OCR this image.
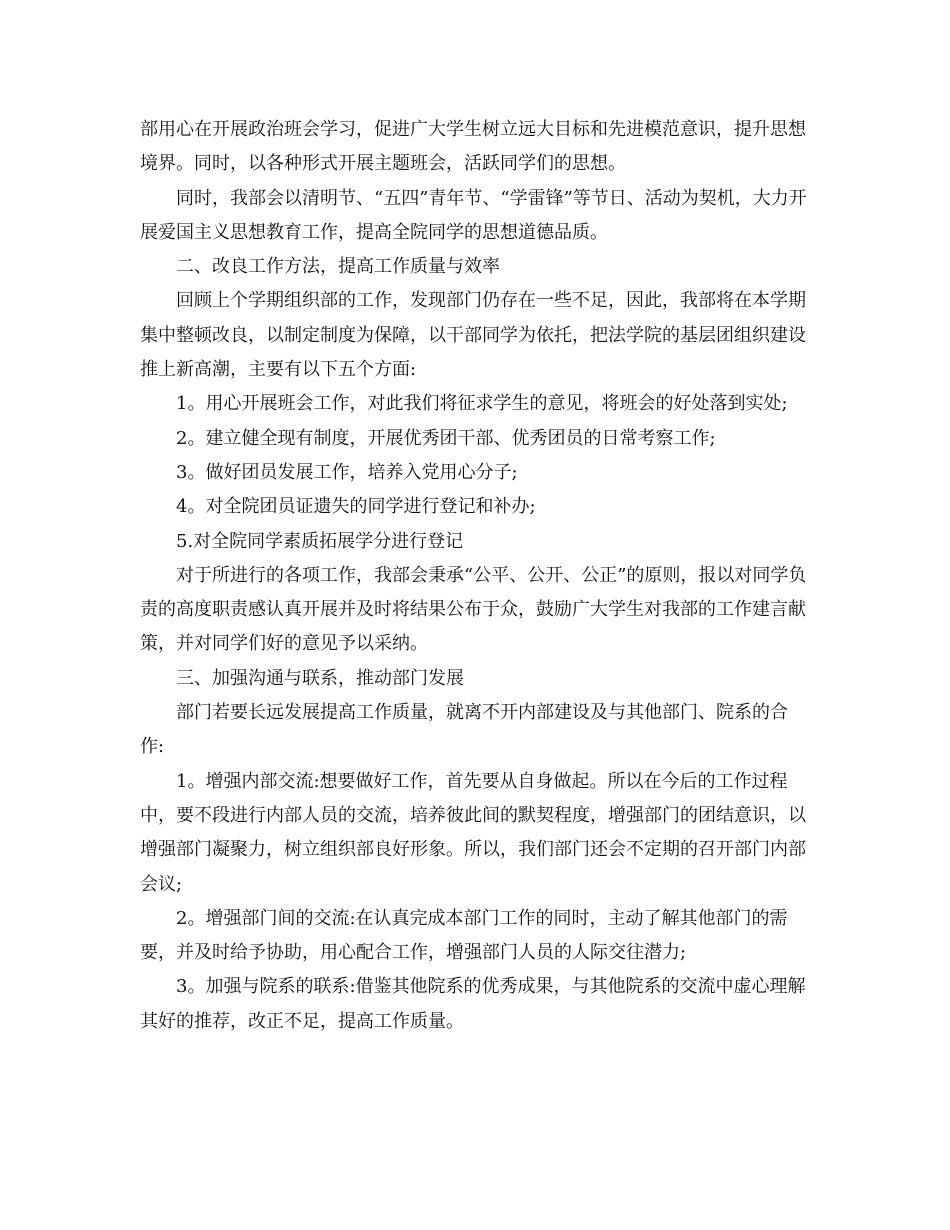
部用心在开展政治班会学习，促进广大学生树立远大目标和先进模范意识，提升思想境界。同时，以各种形式开展主题班会，活跃同学们的思想。

同时，我部会以清明节、“五四”青年节、“学雷锋”等节日、活动为契机，大力开展爱国主义思想教育工作，提高全院同学的思想道德品质。

二、改良工作方法，提高工作质量与效率

回顾上个学期组织部的工作，发现部门仍存在一些不足，因此，我部将在本学期集中整顿改良，以制定制度为保障，以干部同学为依托，把法学院的基层团组织建设推上新高潮，主要有以下五个方面:

1。用心开展班会工作，对此我们将征求学生的意见，将班会的好处落到实处;

2。建立健全现有制度，开展优秀团干部、优秀团员的日常考察工作;

3。做好团员发展工作，培养入党用心分子;

4。对全院团员证遗失的同学进行登记和补办;

5.对全院同学素质拓展学分进行登记

对于所进行的各项工作，我部会秉承“公平、公开、公正”的原则，报以对同学负责的高度职责感认真开展并及时将结果公布于众，鼓励广大学生对我部的工作建言献策，并对同学们好的意见予以采纳。

三、加强沟通与联系，推动部门发展

部门若要长远发展提高工作质量，就离不开内部建设及与其他部门、院系的合作:

1。增强内部交流:想要做好工作，首先要从自身做起。所以在今后的工作过程中，要不段进行内部人员的交流，培养彼此间的默契程度，增强部门的团结意识，以增强部门凝聚力，树立组织部良好形象。所以，我们部门还会不定期的召开部门内部会议;

2。增强部门间的交流:在认真完成本部门工作的同时，主动了解其他部门的需要，并及时给予协助，用心配合工作，增强部门人员的人际交往潜力;

3。加强与院系的联系:借鉴其他院系的优秀成果，与其他院系的交流中虚心理解其好的推荐，改正不足，提高工作质量。
